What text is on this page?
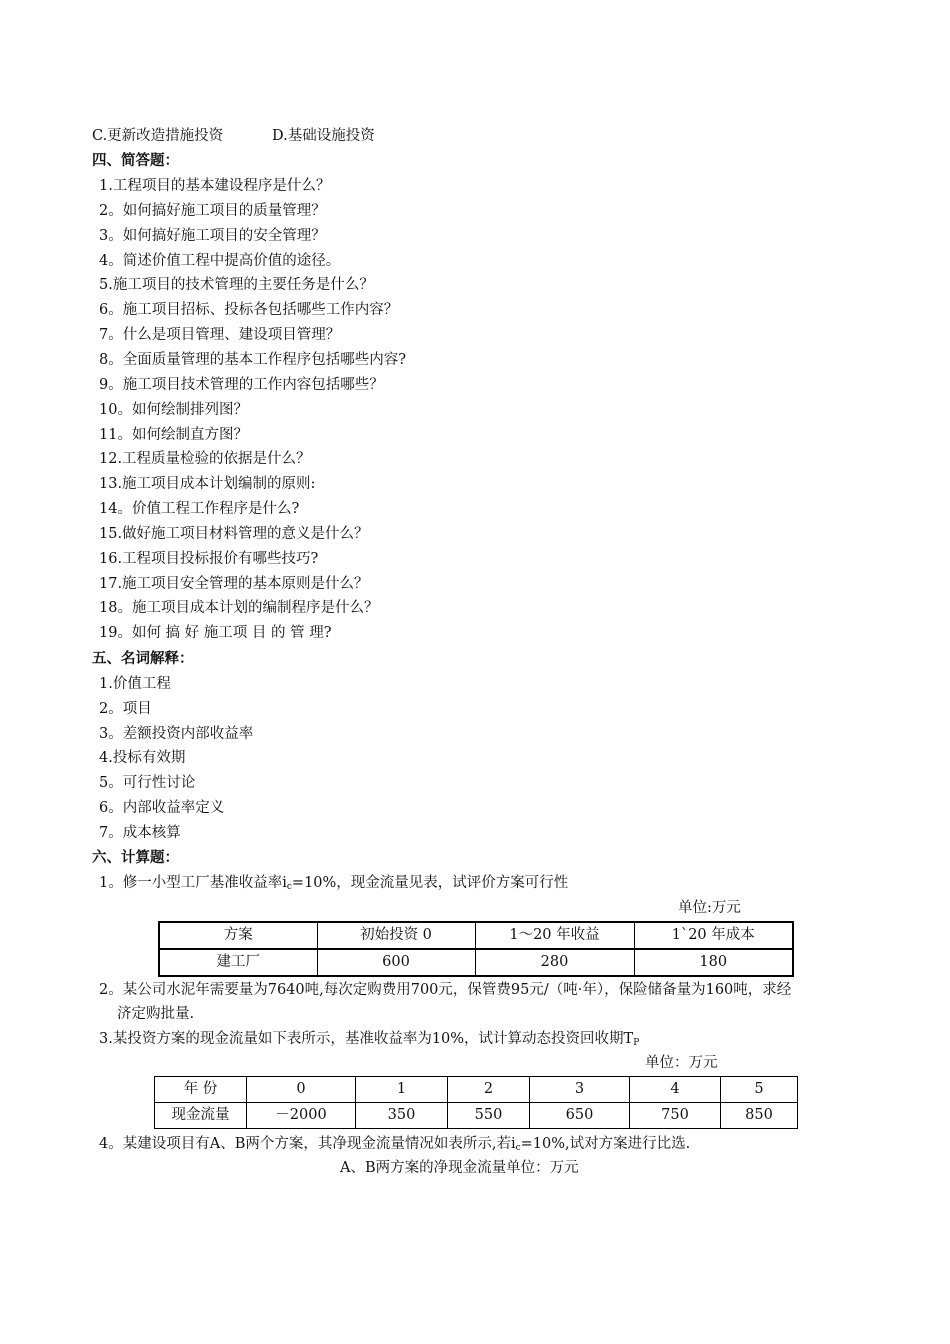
C.更新改造措施投资	D.基础设施投资
四、简答题：
1.工程项目的基本建设程序是什么？
2。如何搞好施工项目的质量管理？
3。如何搞好施工项目的安全管理？
4。简述价值工程中提高价值的途径。
5.施工项目的技术管理的主要任务是什么？
6。施工项目招标、投标各包括哪些工作内容？
7。什么是项目管理、建设项目管理？
8。全面质量管理的基本工作程序包括哪些内容?
9。施工项目技术管理的工作内容包括哪些？
10。如何绘制排列图？
11。如何绘制直方图？
12.工程质量检验的依据是什么？
13.施工项目成本计划编制的原则:
14。价值工程工作程序是什么?
15.做好施工项目材料管理的意义是什么？
16.工程项目投标报价有哪些技巧?
17.施工项目安全管理的基本原则是什么？
18。施工项目成本计划的编制程序是什么？
19。如何 搞 好 施工项 目 的 管 理?
五、名词解释：
1.价值工程
2。项目
3。差额投资内部收益率
4.投标有效期
5。可行性讨论
6。内部收益率定义
7。成本核算
六、计算题：
1。修一小型工厂基准收益率$i_c=10\%$，现金流量见表，试评价方案可行性
单位:万元
方案	初始投资 0	1～20 年收益	1`20 年成本
建工厂	600	280	180
2。某公司水泥年需要量为7640吨,每次定购费用700元，保管费95元/（吨·年），保险储备量为160吨，求经
济定购批量.
3.某投资方案的现金流量如下表所示，基准收益率为10%，试计算动态投资回收期$T_P$
单位：万元
年 份	0	1	2	3	4	5
现金流量	－2000	350	550	650	750	850
4。某建设项目有A、B两个方案，其净现金流量情况如表所示,若$i_c=10\%$,试对方案进行比选.
A、B两方案的净现金流量单位：万元
